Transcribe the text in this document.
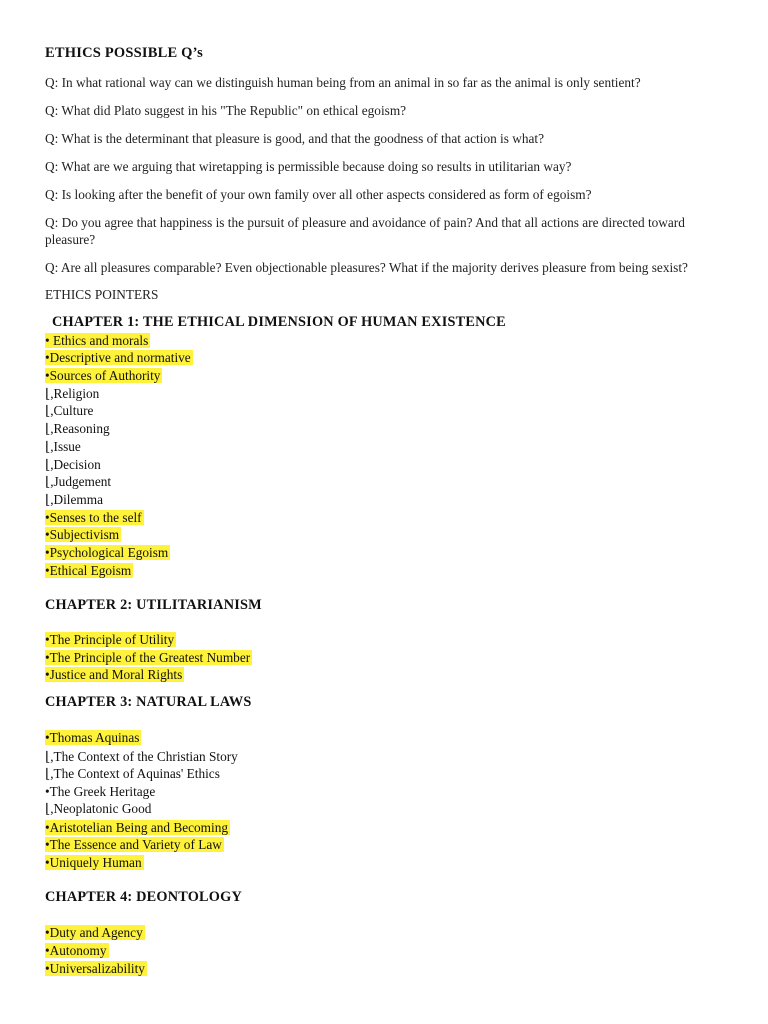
ETHICS POSSIBLE Q’s
Q: In what rational way can we distinguish human being from an animal in so far as the animal is only sentient?
Q: What did Plato suggest in his "The Republic" on ethical egoism?
Q: What is the determinant that pleasure is good, and that the goodness of that action is what?
Q: What are we arguing that wiretapping is permissible because doing so results in utilitarian way?
Q: Is looking after the benefit of your own family over all other aspects considered as form of egoism?
Q: Do you agree that happiness is the pursuit of pleasure and avoidance of pain? And that all actions are directed toward pleasure?
Q: Are all pleasures comparable? Even objectionable pleasures? What if the majority derives pleasure from being sexist?
ETHICS POINTERS
CHAPTER 1: THE ETHICAL DIMENSION OF HUMAN EXISTENCE
• Ethics and morals
•Descriptive and normative
•Sources of Authority
⌊,Religion
⌊,Culture
⌊,Reasoning
⌊,Issue
⌊,Decision
⌊,Judgement
⌊,Dilemma
•Senses to the self
•Subjectivism
•Psychological Egoism
•Ethical Egoism
CHAPTER 2: UTILITARIANISM
•The Principle of Utility
•The Principle of the Greatest Number
•Justice and Moral Rights
CHAPTER 3: NATURAL LAWS
•Thomas Aquinas
⌊,The Context of the Christian Story
⌊,The Context of Aquinas' Ethics
•The Greek Heritage
⌊,Neoplatonic Good
•Aristotelian Being and Becoming
•The Essence and Variety of Law
•Uniquely Human
CHAPTER 4: DEONTOLOGY
•Duty and Agency
•Autonomy
•Universalizability
